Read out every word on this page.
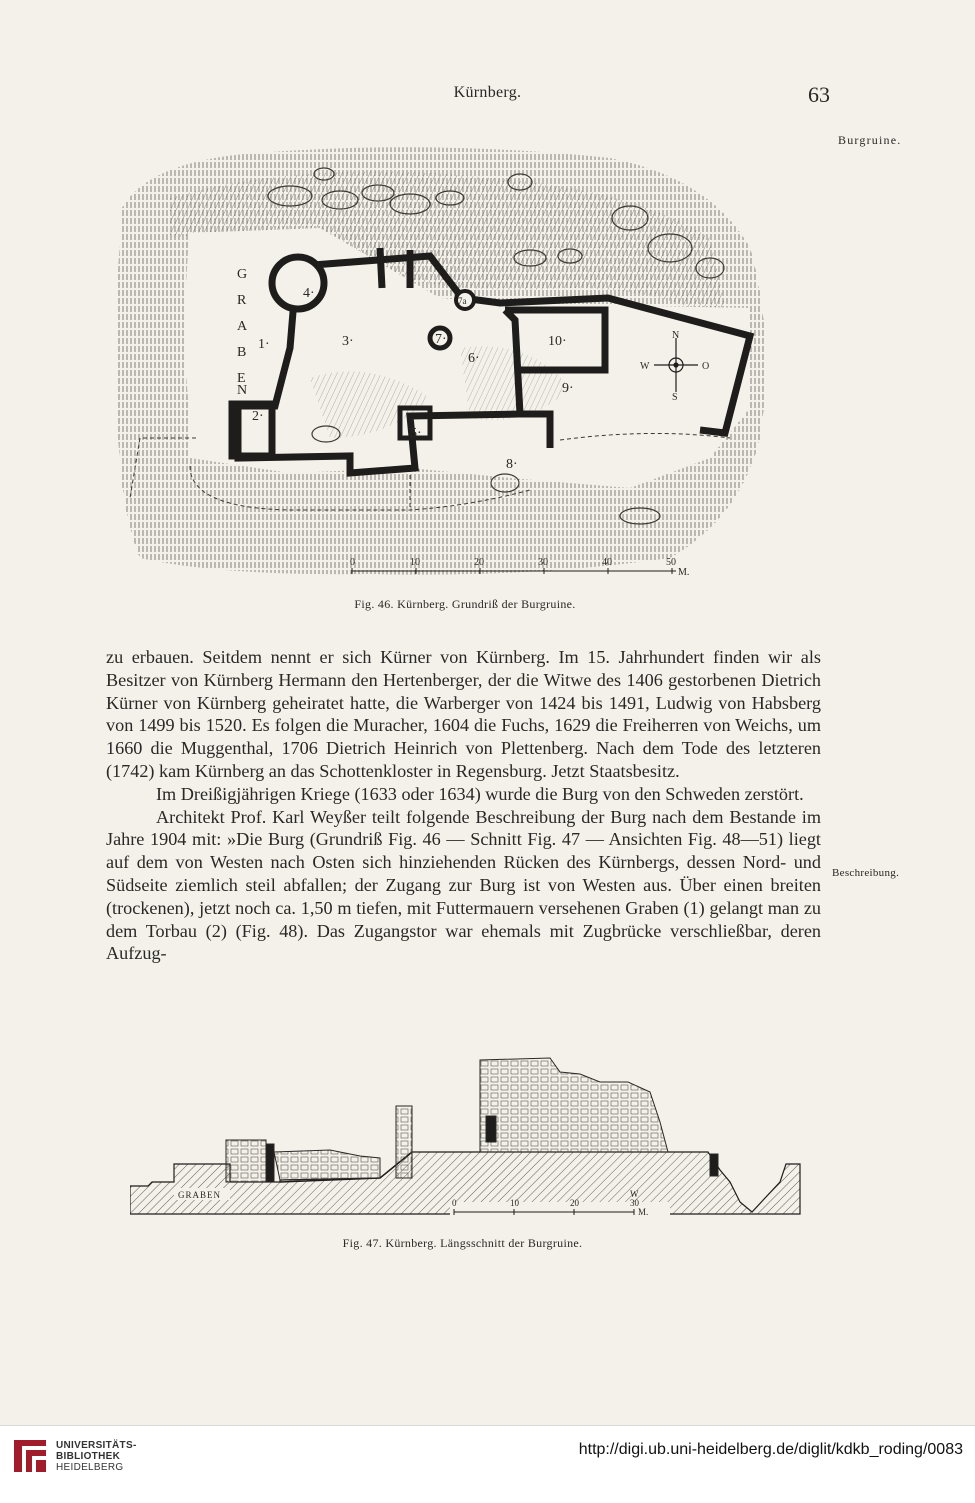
Kürnberg.	63
Burgruine.
G
R
A
B
E
N
1·
2·
3·
4·
5·
6·
7·
7a
8·
9·
10·	N
S
W	O
0	10	20	30	40	50
M.
Fig. 46. Kürnberg. Grundriß der Burgruine.

zu erbauen. Seitdem nennt er sich Kürner von Kürnberg. Im 15. Jahrhundert finden wir als Besitzer von Kürnberg Hermann den Hertenberger, der die Witwe des 1406 gestorbenen Dietrich Kürner von Kürnberg geheiratet hatte, die Warberger von 1424 bis 1491, Ludwig von Habsberg von 1499 bis 1520. Es folgen die Muracher, 1604 die Fuchs, 1629 die Freiherren von Weichs, um 1660 die Muggenthal, 1706 Dietrich Heinrich von Plettenberg. Nach dem Tode des letzteren (1742) kam Kürnberg an das Schottenkloster in Regensburg. Jetzt Staatsbesitz.

Im Dreißigjährigen Kriege (1633 oder 1634) wurde die Burg von den Schweden zerstört.

Architekt Prof. Karl Weyßer teilt folgende Beschreibung der Burg nach dem Bestande im Jahre 1904 mit: »Die Burg (Grundriß Fig. 46 — Schnitt Fig. 47 — Ansichten Fig. 48—51) liegt auf dem von Westen nach Osten sich hinziehenden Rücken des Kürnbergs, dessen Nord- und Südseite ziemlich steil abfallen; der Zugang zur Burg ist von Westen aus. Über einen breiten (trockenen), jetzt noch ca. 1,50 m tiefen, mit Futtermauern versehenen Graben (1) gelangt man zu dem Torbau (2) (Fig. 48). Das Zugangstor war ehemals mit Zugbrücke verschließbar, deren Aufzug-

Beschreibung.
GRABEN
0	10	20	30
M.
W
Fig. 47. Kürnberg. Längsschnitt der Burgruine.
UNIVERSITÄTS-
BIBLIOTHEK
HEIDELBERG
http://digi.ub.uni-heidelberg.de/diglit/kdkb_roding/0083
